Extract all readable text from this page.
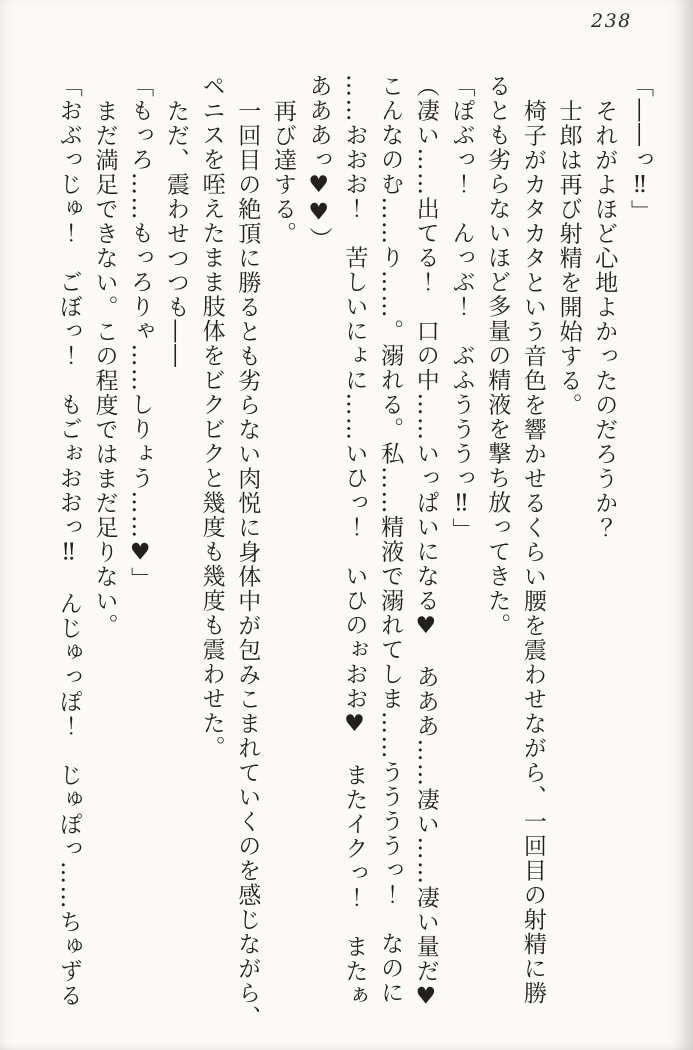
238

「――っ‼」

それがよほど心地よかったのだろうか？

士郎は再び射精を開始する。

椅子がカタカタという音色を響かせるくらい腰を震わせながら、一回目の射精に勝

るとも劣らないほど多量の精液を撃ち放ってきた。

「ぽぶっ！　んっぶ！　ぶふうううっ‼」

（凄い……出てる！　口の中……いっぱいになる♥　あああ……凄い……凄い量だ♥

こんなのむ……り……。溺れる。私……精液で溺れてしま……ううううっ！　なのに

……おおお！　苦しいにょに……いひっ！　いひのぉおお♥　またイクっ！　またぁ

あああっ♥♥）

再び達する。

一回目の絶頂に勝るとも劣らない肉悦に身体中が包みこまれていくのを感じながら、

ペニスを咥えたまま肢体をビクビクと幾度も幾度も震わせた。

ただ、震わせつつも――

「もっろ……もっろりゃ……しりょう……♥」

まだ満足できない。この程度ではまだ足りない。

「おぶっじゅ！　ごぼっ！　もごぉおおっ‼　んじゅっぽ！　じゅぽっ……ちゅずる
